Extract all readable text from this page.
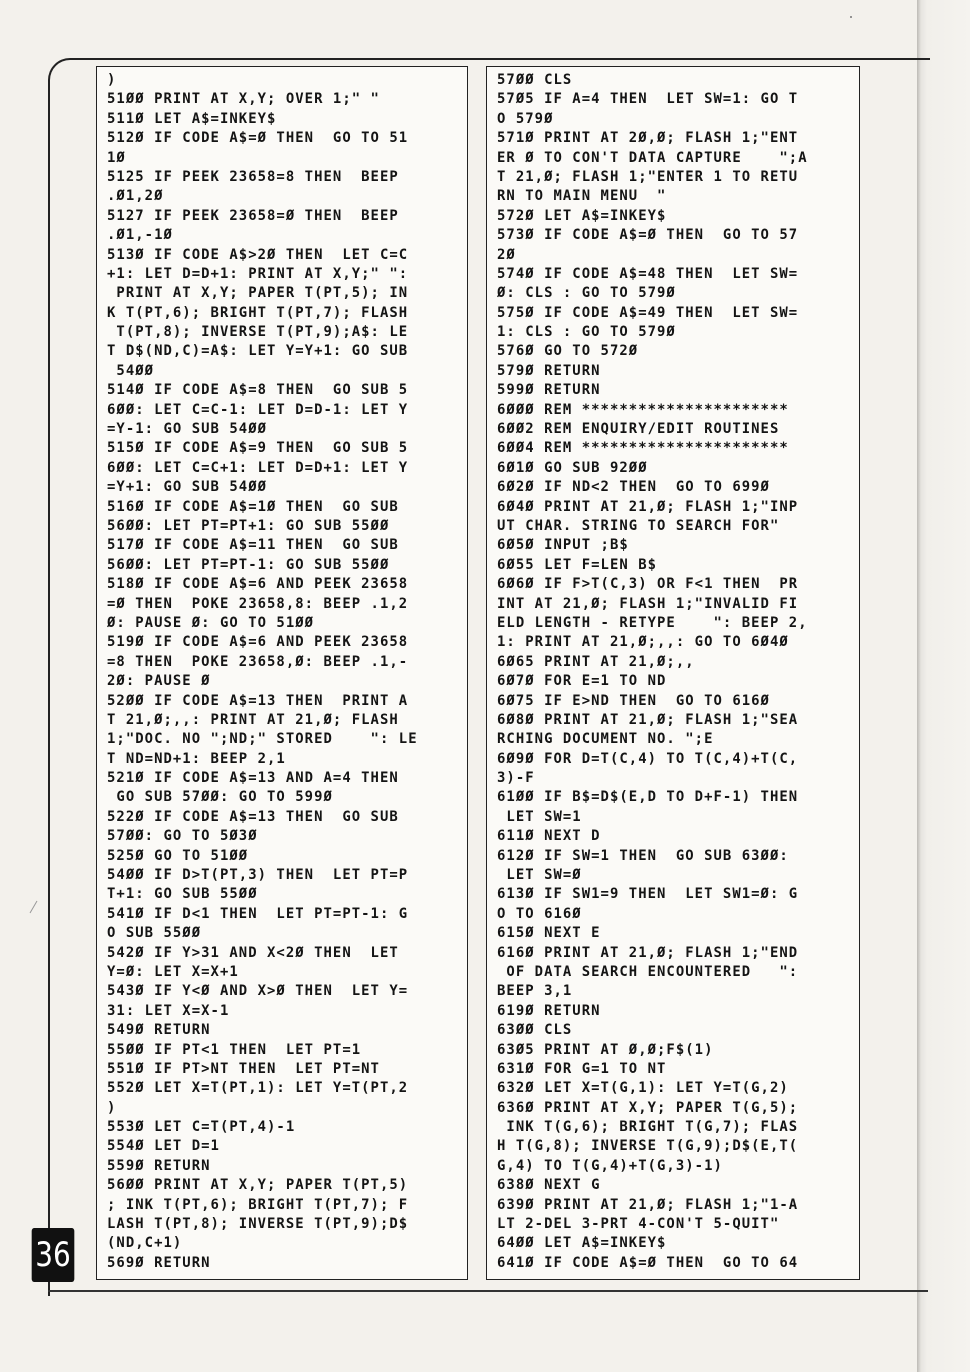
)
51ØØ PRINT AT X,Y; OVER 1;" "
511Ø LET A$=INKEY$
512Ø IF CODE A$=Ø THEN  GO TO 51
1Ø
5125 IF PEEK 23658=8 THEN  BEEP
.Ø1,2Ø
5127 IF PEEK 23658=Ø THEN  BEEP
.Ø1,-1Ø
513Ø IF CODE A$>2Ø THEN  LET C=C
+1: LET D=D+1: PRINT AT X,Y;" ":
PRINT AT X,Y; PAPER T(PT,5); IN
K T(PT,6); BRIGHT T(PT,7); FLASH
T(PT,8); INVERSE T(PT,9);A$: LE
T D$(ND,C)=A$: LET Y=Y+1: GO SUB
54ØØ
514Ø IF CODE A$=8 THEN  GO SUB 5
6ØØ: LET C=C-1: LET D=D-1: LET Y
=Y-1: GO SUB 54ØØ
515Ø IF CODE A$=9 THEN  GO SUB 5
6ØØ: LET C=C+1: LET D=D+1: LET Y
=Y+1: GO SUB 54ØØ
516Ø IF CODE A$=1Ø THEN  GO SUB
56ØØ: LET PT=PT+1: GO SUB 55ØØ
517Ø IF CODE A$=11 THEN  GO SUB
56ØØ: LET PT=PT-1: GO SUB 55ØØ
518Ø IF CODE A$=6 AND PEEK 23658
=Ø THEN  POKE 23658,8: BEEP .1,2
Ø: PAUSE Ø: GO TO 51ØØ
519Ø IF CODE A$=6 AND PEEK 23658
=8 THEN  POKE 23658,Ø: BEEP .1,-
2Ø: PAUSE Ø
52ØØ IF CODE A$=13 THEN  PRINT A
T 21,Ø;,,: PRINT AT 21,Ø; FLASH
1;"DOC. NO ";ND;" STORED    ": LE
T ND=ND+1: BEEP 2,1
521Ø IF CODE A$=13 AND A=4 THEN
GO SUB 57ØØ: GO TO 599Ø
522Ø IF CODE A$=13 THEN  GO SUB
57ØØ: GO TO 5Ø3Ø
525Ø GO TO 51ØØ
54ØØ IF D>T(PT,3) THEN  LET PT=P
T+1: GO SUB 55ØØ
541Ø IF D<1 THEN  LET PT=PT-1: G
O SUB 55ØØ
542Ø IF Y>31 AND X<2Ø THEN  LET
Y=Ø: LET X=X+1
543Ø IF Y<Ø AND X>Ø THEN  LET Y=
31: LET X=X-1
549Ø RETURN
55ØØ IF PT<1 THEN  LET PT=1
551Ø IF PT>NT THEN  LET PT=NT
552Ø LET X=T(PT,1): LET Y=T(PT,2
)
553Ø LET C=T(PT,4)-1
554Ø LET D=1
559Ø RETURN
56ØØ PRINT AT X,Y; PAPER T(PT,5)
; INK T(PT,6); BRIGHT T(PT,7); F
LASH T(PT,8); INVERSE T(PT,9);D$
(ND,C+1)
569Ø RETURN
57ØØ CLS
57Ø5 IF A=4 THEN  LET SW=1: GO T
O 579Ø
571Ø PRINT AT 2Ø,Ø; FLASH 1;"ENT
ER Ø TO CON'T DATA CAPTURE    ";A
T 21,Ø; FLASH 1;"ENTER 1 TO RETU
RN TO MAIN MENU  "
572Ø LET A$=INKEY$
573Ø IF CODE A$=Ø THEN  GO TO 57
2Ø
574Ø IF CODE A$=48 THEN  LET SW=
Ø: CLS : GO TO 579Ø
575Ø IF CODE A$=49 THEN  LET SW=
1: CLS : GO TO 579Ø
576Ø GO TO 572Ø
579Ø RETURN
599Ø RETURN
6ØØØ REM **********************
6ØØ2 REM ENQUIRY/EDIT ROUTINES
6ØØ4 REM **********************
6Ø1Ø GO SUB 92ØØ
6Ø2Ø IF ND<2 THEN  GO TO 699Ø
6Ø4Ø PRINT AT 21,Ø; FLASH 1;"INP
UT CHAR. STRING TO SEARCH FOR"
6Ø5Ø INPUT ;B$
6Ø55 LET F=LEN B$
6Ø6Ø IF F>T(C,3) OR F<1 THEN  PR
INT AT 21,Ø; FLASH 1;"INVALID FI
ELD LENGTH - RETYPE    ": BEEP 2,
1: PRINT AT 21,Ø;,,: GO TO 6Ø4Ø
6Ø65 PRINT AT 21,Ø;,,
6Ø7Ø FOR E=1 TO ND
6Ø75 IF E>ND THEN  GO TO 616Ø
6Ø8Ø PRINT AT 21,Ø; FLASH 1;"SEA
RCHING DOCUMENT NO. ";E
6Ø9Ø FOR D=T(C,4) TO T(C,4)+T(C,
3)-F
61ØØ IF B$=D$(E,D TO D+F-1) THEN
LET SW=1
611Ø NEXT D
612Ø IF SW=1 THEN  GO SUB 63ØØ:
LET SW=Ø
613Ø IF SW1=9 THEN  LET SW1=Ø: G
O TO 616Ø
615Ø NEXT E
616Ø PRINT AT 21,Ø; FLASH 1;"END
OF DATA SEARCH ENCOUNTERED   ":
BEEP 3,1
619Ø RETURN
63ØØ CLS
63Ø5 PRINT AT Ø,Ø;F$(1)
631Ø FOR G=1 TO NT
632Ø LET X=T(G,1): LET Y=T(G,2)
636Ø PRINT AT X,Y; PAPER T(G,5);
INK T(G,6); BRIGHT T(G,7); FLAS
H T(G,8); INVERSE T(G,9);D$(E,T(
G,4) TO T(G,4)+T(G,3)-1)
638Ø NEXT G
639Ø PRINT AT 21,Ø; FLASH 1;"1-A
LT 2-DEL 3-PRT 4-CON'T 5-QUIT"
64ØØ LET A$=INKEY$
641Ø IF CODE A$=Ø THEN  GO TO 64
36
